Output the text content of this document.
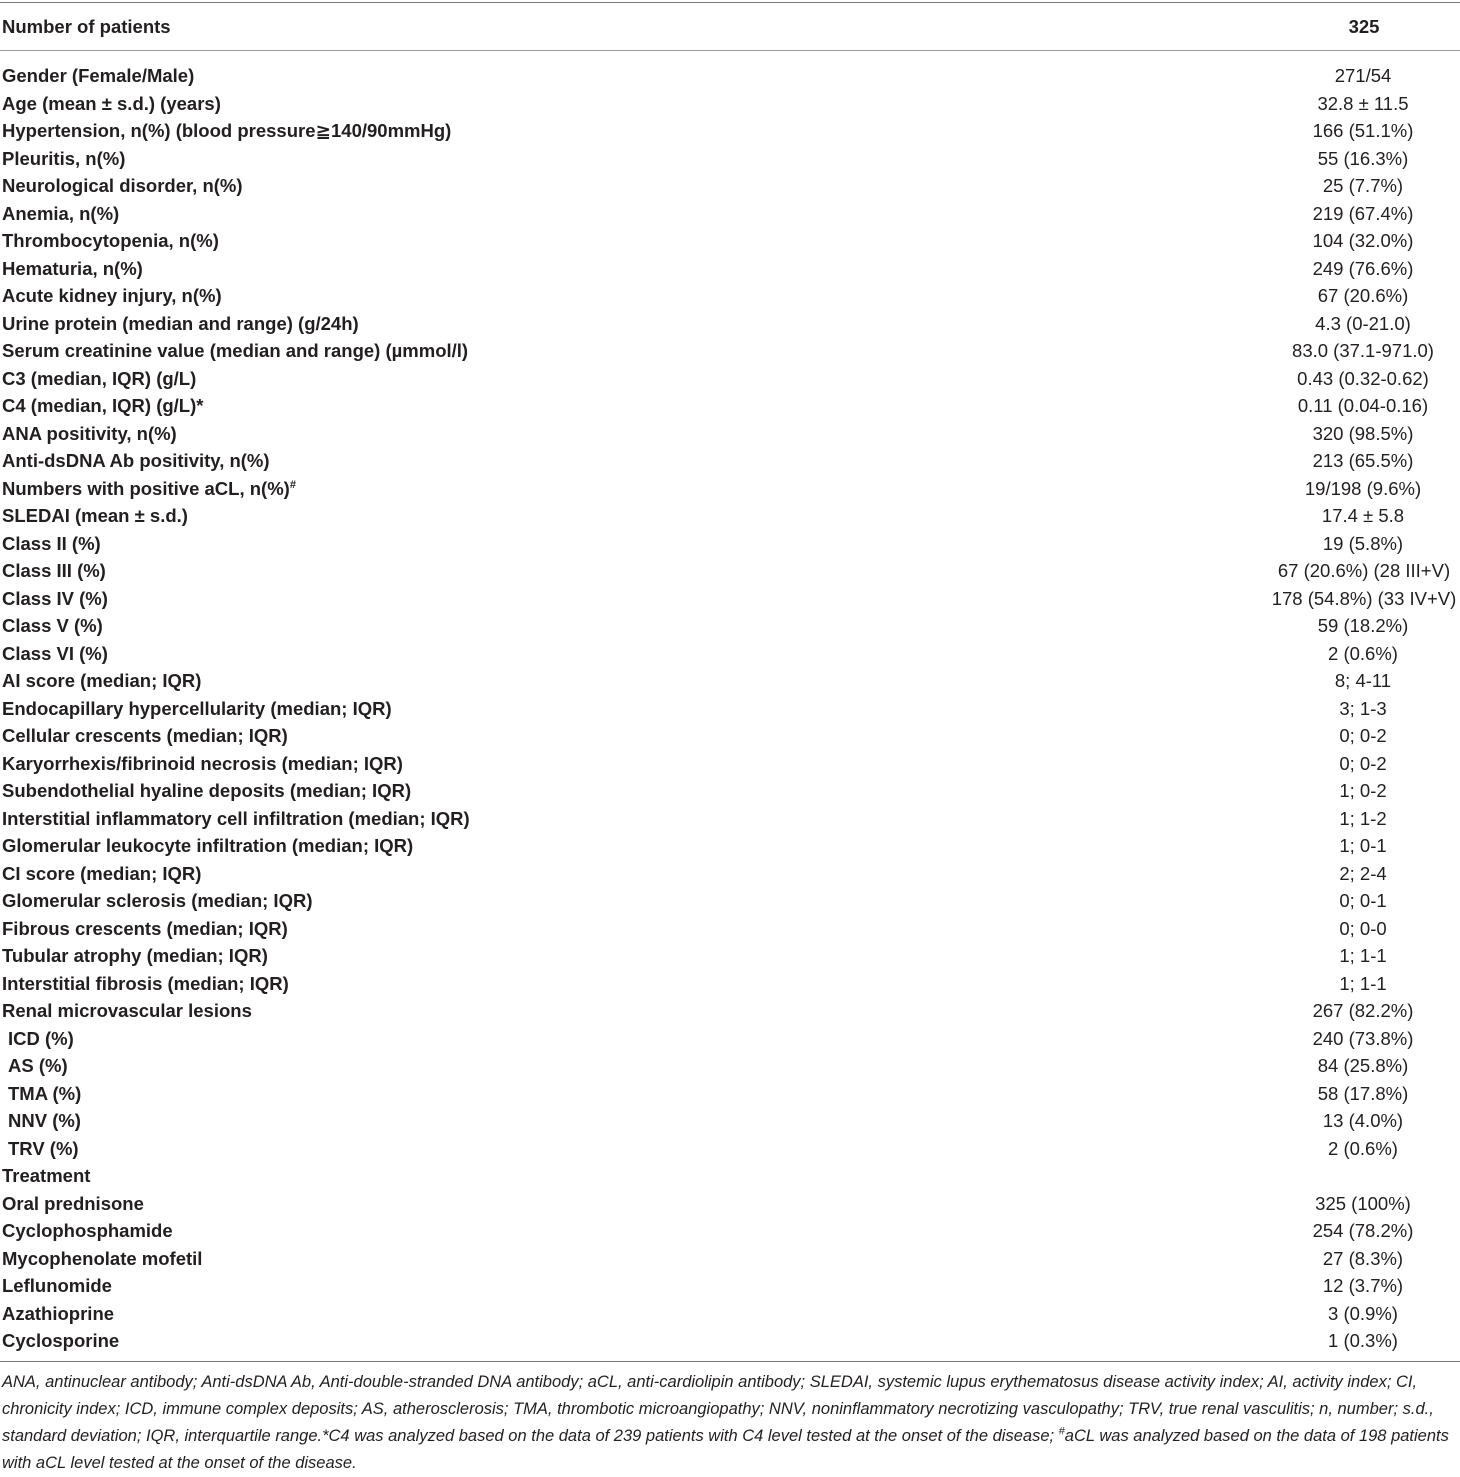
Number of patients	325
Gender (Female/Male)	271/54
Age (mean ± s.d.) (years)	32.8 ± 11.5
Hypertension, n(%) (blood pressure≧140/90mmHg)	166 (51.1%)
Pleuritis, n(%)	55 (16.3%)
Neurological disorder, n(%)	25 (7.7%)
Anemia, n(%)	219 (67.4%)
Thrombocytopenia, n(%)	104 (32.0%)
Hematuria, n(%)	249 (76.6%)
Acute kidney injury, n(%)	67 (20.6%)
Urine protein (median and range) (g/24h)	4.3 (0-21.0)
Serum creatinine value (median and range) (µmmol/l)	83.0 (37.1-971.0)
C3 (median, IQR) (g/L)	0.43 (0.32-0.62)
C4 (median, IQR) (g/L)*	0.11 (0.04-0.16)
ANA positivity, n(%)	320 (98.5%)
Anti-dsDNA Ab positivity, n(%)	213 (65.5%)
Numbers with positive aCL, n(%)#	19/198 (9.6%)
SLEDAI (mean ± s.d.)	17.4 ± 5.8
Class II (%)	19 (5.8%)
Class III (%)	67 (20.6%) (28 III+V)
Class IV (%)	178 (54.8%) (33 IV+V)
Class V (%)	59 (18.2%)
Class VI (%)	2 (0.6%)
AI score (median; IQR)	8; 4-11
Endocapillary hypercellularity (median; IQR)	3; 1-3
Cellular crescents (median; IQR)	0; 0-2
Karyorrhexis/fibrinoid necrosis (median; IQR)	0; 0-2
Subendothelial hyaline deposits (median; IQR)	1; 0-2
Interstitial inflammatory cell infiltration (median; IQR)	1; 1-2
Glomerular leukocyte infiltration (median; IQR)	1; 0-1
CI score (median; IQR)	2; 2-4
Glomerular sclerosis (median; IQR)	0; 0-1
Fibrous crescents (median; IQR)	0; 0-0
Tubular atrophy (median; IQR)	1; 1-1
Interstitial fibrosis (median; IQR)	1; 1-1
Renal microvascular lesions	267 (82.2%)
ICD (%)	240 (73.8%)
AS (%)	84 (25.8%)
TMA (%)	58 (17.8%)
NNV (%)	13 (4.0%)
TRV (%)	2 (0.6%)
Treatment
Oral prednisone	325 (100%)
Cyclophosphamide	254 (78.2%)
Mycophenolate mofetil	27 (8.3%)
Leflunomide	12 (3.7%)
Azathioprine	3 (0.9%)
Cyclosporine	1 (0.3%)
ANA, antinuclear antibody; Anti-dsDNA Ab, Anti-double-stranded DNA antibody; aCL, anti-cardiolipin antibody; SLEDAI, systemic lupus erythematosus disease activity index; AI, activity index; CI, chronicity index; ICD, immune complex deposits; AS, atherosclerosis; TMA, thrombotic microangiopathy; NNV, noninflammatory necrotizing vasculopathy; TRV, true renal vasculitis; n, number; s.d., standard deviation; IQR, interquartile range.*C4 was analyzed based on the data of 239 patients with C4 level tested at the onset of the disease; #aCL was analyzed based on the data of 198 patients with aCL level tested at the onset of the disease.
